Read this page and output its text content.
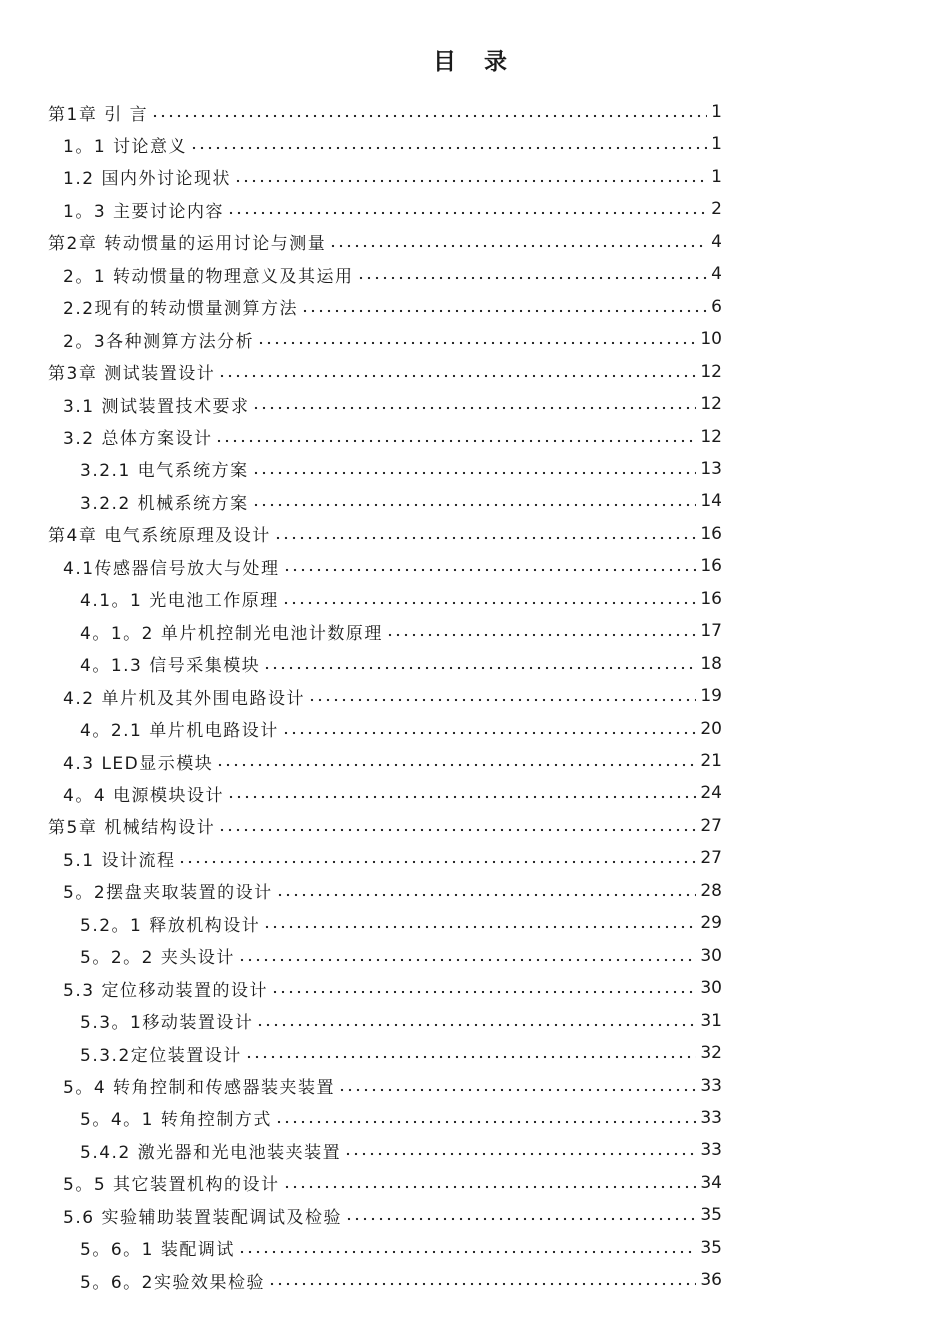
目 录
第1章 引 言	1
1。1 讨论意义	1
1.2 国内外讨论现状	1
1。3 主要讨论内容	2
第2章 转动惯量的运用讨论与测量	4
2。1 转动惯量的物理意义及其运用	4
2.2现有的转动惯量测算方法	6
2。3各种测算方法分析	10
第3章 测试装置设计	12
3.1 测试装置技术要求	12
3.2 总体方案设计	12
3.2.1 电气系统方案	13
3.2.2 机械系统方案	14
第4章 电气系统原理及设计	16
4.1传感器信号放大与处理	16
4.1。1 光电池工作原理	16
4。1。2 单片机控制光电池计数原理	17
4。1.3 信号采集模块	18
4.2 单片机及其外围电路设计	19
4。2.1 单片机电路设计	20
4.3 LED显示模块	21
4。4 电源模块设计	24
第5章 机械结构设计	27
5.1 设计流程	27
5。2摆盘夹取装置的设计	28
5.2。1 释放机构设计	29
5。2。2 夹头设计	30
5.3 定位移动装置的设计	30
5.3。1移动装置设计	31
5.3.2定位装置设计	32
5。4 转角控制和传感器装夹装置	33
5。4。1 转角控制方式	33
5.4.2 激光器和光电池装夹装置	33
5。5 其它装置机构的设计	34
5.6 实验辅助装置装配调试及检验	35
5。6。1 装配调试	35
5。6。2实验效果检验	36
